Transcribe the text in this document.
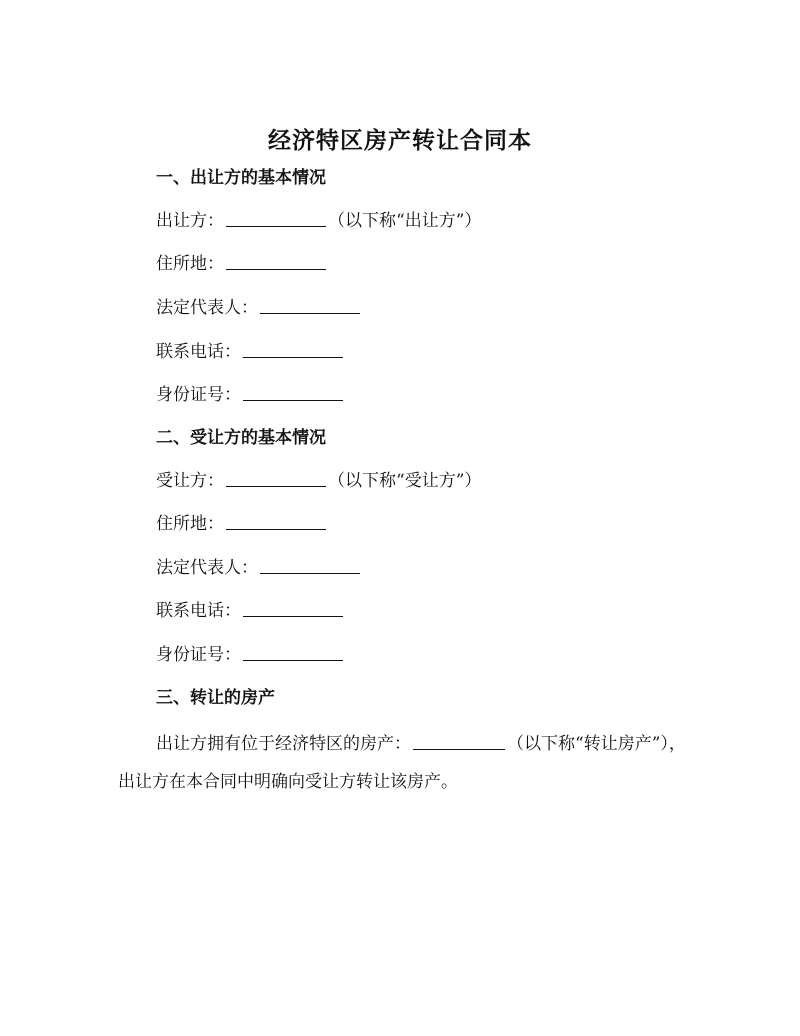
经济特区房产转让合同本
一、出让方的基本情况
出让方：	（以下称“出让方”）
住所地：
法定代表人：
联系电话：
身份证号：
二、受让方的基本情况
受让方：	（以下称“受让方”）
住所地：
法定代表人：
联系电话：
身份证号：
三、转让的房产
出让方拥有位于经济特区的房产：	（以下称“转让房产”），出让方在本合同中明确向受让方转让该房产。
